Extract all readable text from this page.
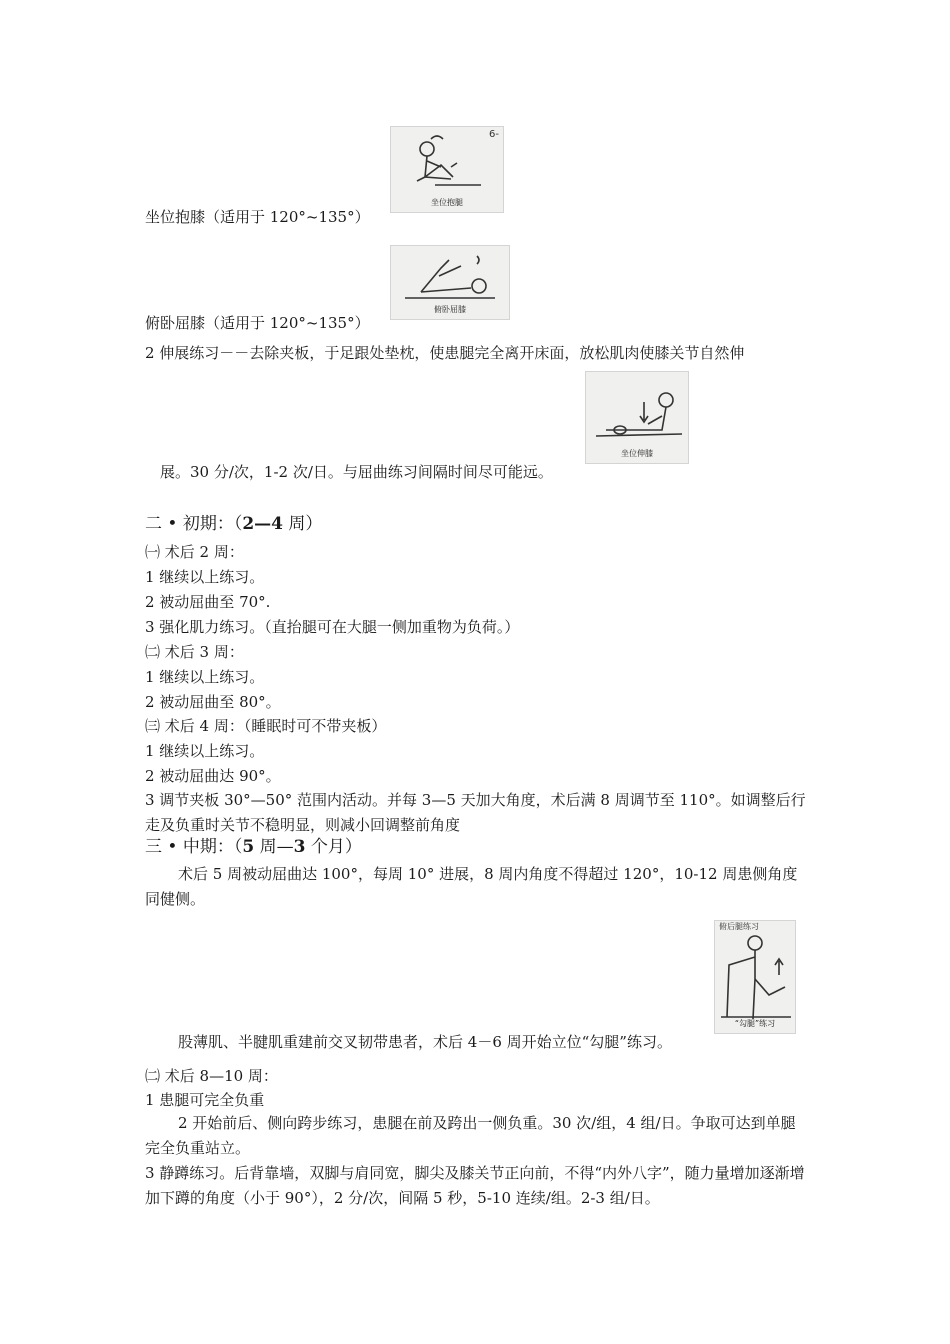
6-
坐位抱腿
俯卧屈膝
坐位伸膝
俯后腿练习
“勾腿”练习
坐位抱膝（适用于 120°~135°）
俯卧屈膝（适用于 120°~135°）
2 伸展练习－－去除夹板，于足跟处垫枕，使患腿完全离开床面，放松肌肉使膝关节自然伸
展。30 分/次，1-2 次/日。与屈曲练习间隔时间尽可能远。
二 • 初期：（2—4 周）
㈠ 术后 2 周：
1 继续以上练习。
2 被动屈曲至 70°.
3 强化肌力练习。（直抬腿可在大腿一侧加重物为负荷。）
㈡ 术后 3 周：
1 继续以上练习。
2 被动屈曲至 80°。
㈢ 术后 4 周：（睡眠时可不带夹板）
1 继续以上练习。
2 被动屈曲达 90°。
3 调节夹板 30°—50° 范围内活动。并每 3—5 天加大角度，术后满 8 周调节至 110°。如调整后行走及负重时关节不稳明显，则减小回调整前角度
三 • 中期：（5 周—3 个月）
术后 5 周被动屈曲达 100°，每周 10° 进展，8 周内角度不得超过 120°，10-12 周患侧角度同健侧。
股薄肌、半腱肌重建前交叉韧带患者，术后 4－6 周开始立位“勾腿”练习。
㈡ 术后 8—10 周：
1 患腿可完全负重
2 开始前后、侧向跨步练习，患腿在前及跨出一侧负重。30 次/组，4 组/日。争取可达到单腿完全负重站立。
3 静蹲练习。后背靠墙，双脚与肩同宽，脚尖及膝关节正向前，不得“内外八字”，随力量增加逐渐增加下蹲的角度（小于 90°），2 分/次，间隔 5 秒，5-10 连续/组。2-3 组/日。
